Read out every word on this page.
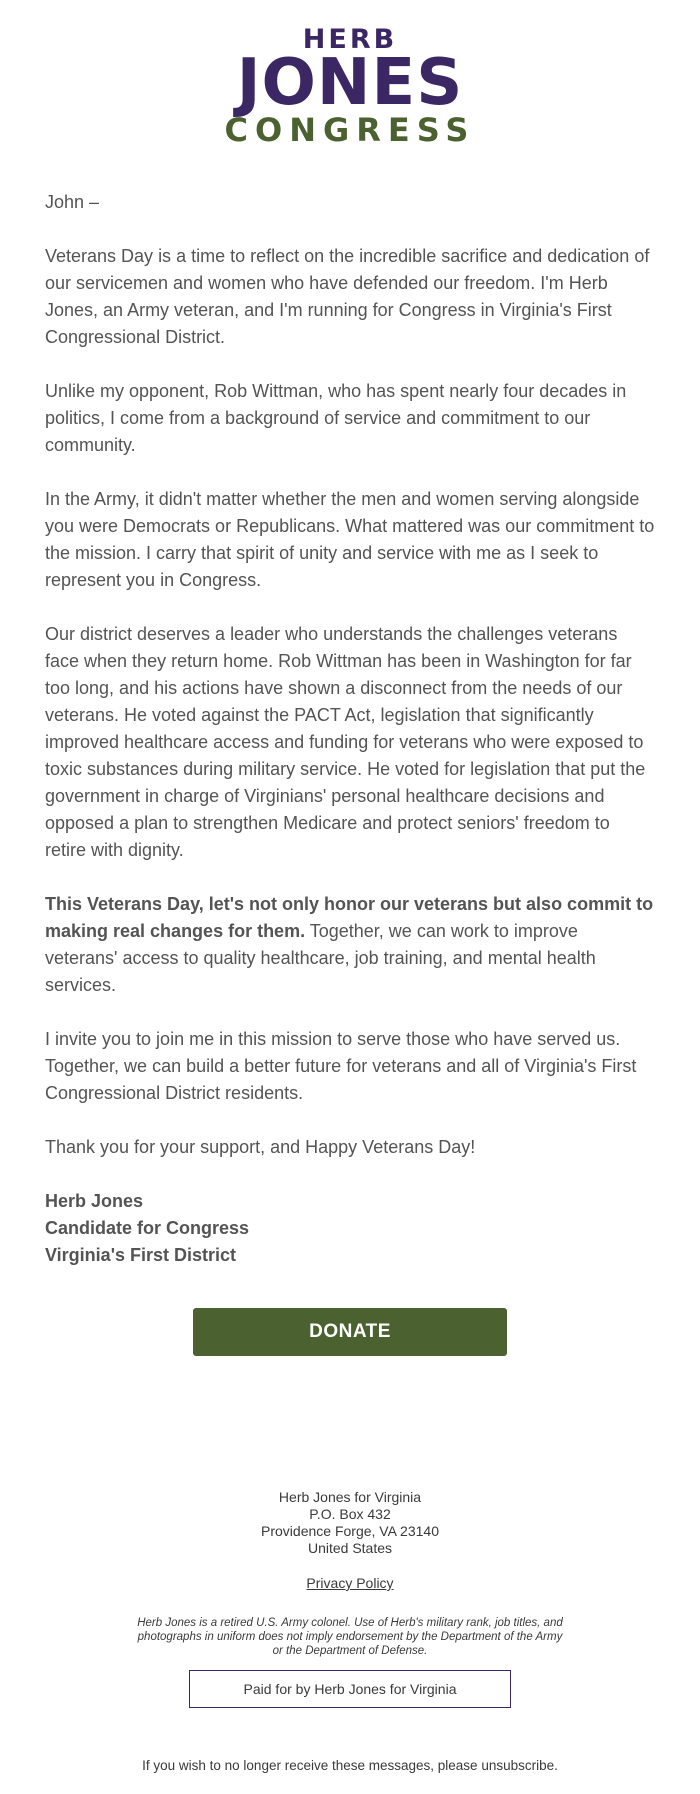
HERB
JONES
CONGRESS

John –

Veterans Day is a time to reflect on the incredible sacrifice and dedication of our servicemen and women who have defended our freedom. I'm Herb Jones, an Army veteran, and I'm running for Congress in Virginia's First Congressional District.

Unlike my opponent, Rob Wittman, who has spent nearly four decades in politics, I come from a background of service and commitment to our community.

In the Army, it didn't matter whether the men and women serving alongside you were Democrats or Republicans. What mattered was our commitment to the mission. I carry that spirit of unity and service with me as I seek to represent you in Congress.

Our district deserves a leader who understands the challenges veterans face when they return home. Rob Wittman has been in Washington for far too long, and his actions have shown a disconnect from the needs of our veterans. He voted against the PACT Act, legislation that significantly improved healthcare access and funding for veterans who were exposed to toxic substances during military service. He voted for legislation that put the government in charge of Virginians' personal healthcare decisions and opposed a plan to strengthen Medicare and protect seniors' freedom to retire with dignity.

This Veterans Day, let's not only honor our veterans but also commit to making real changes for them. Together, we can work to improve veterans' access to quality healthcare, job training, and mental health services.

I invite you to join me in this mission to serve those who have served us. Together, we can build a better future for veterans and all of Virginia's First Congressional District residents.

Thank you for your support, and Happy Veterans Day!

Herb Jones
Candidate for Congress
Virginia's First District
DONATE
Herb Jones for Virginia
P.O. Box 432
Providence Forge, VA 23140
United States
Privacy Policy
Herb Jones is a retired U.S. Army colonel. Use of Herb's military rank, job titles, and photographs in uniform does not imply endorsement by the Department of the Army or the Department of Defense.
Paid for by Herb Jones for Virginia
If you wish to no longer receive these messages, please unsubscribe.
